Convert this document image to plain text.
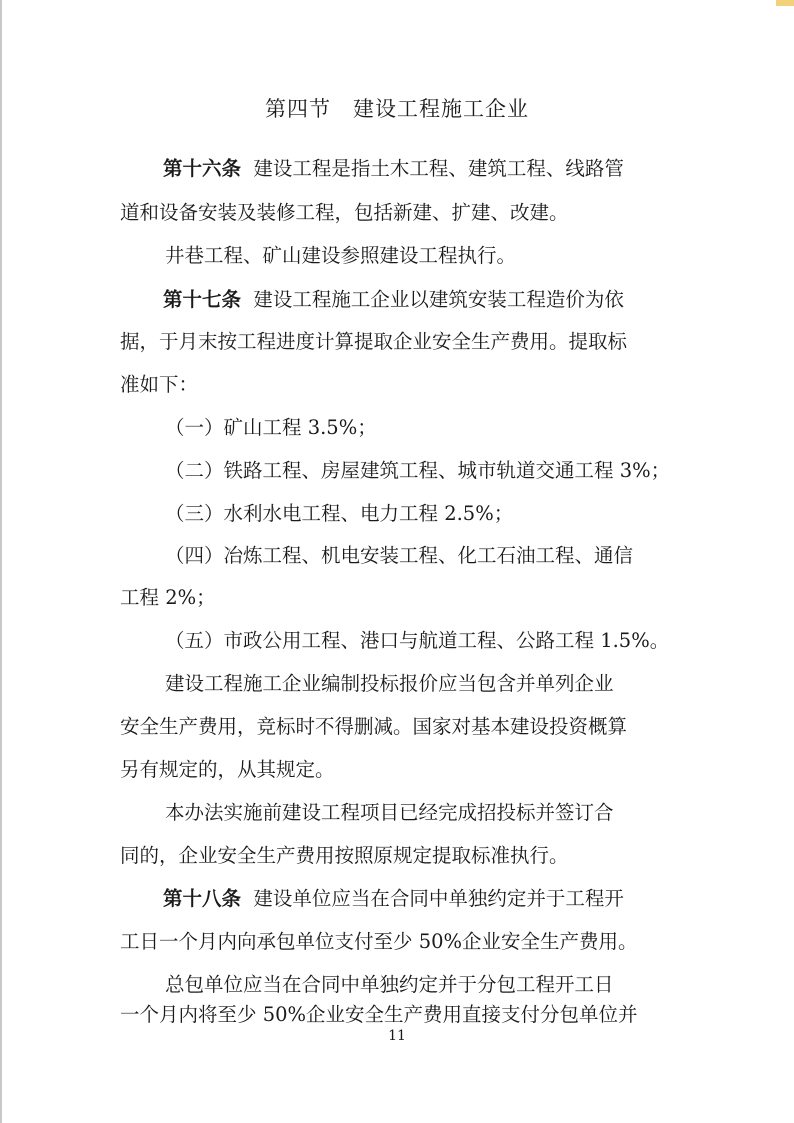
第四节 建设工程施工企业
第十六条 建设工程是指土木工程、建筑工程、线路管
道和设备安装及装修工程，包括新建、扩建、改建。
井巷工程、矿山建设参照建设工程执行。
第十七条 建设工程施工企业以建筑安装工程造价为依
据，于月末按工程进度计算提取企业安全生产费用。提取标
准如下：
（一）矿山工程 3.5%；
（二）铁路工程、房屋建筑工程、城市轨道交通工程 3%；
（三）水利水电工程、电力工程 2.5%；
（四）冶炼工程、机电安装工程、化工石油工程、通信
工程 2%；
（五）市政公用工程、港口与航道工程、公路工程 1.5%。
建设工程施工企业编制投标报价应当包含并单列企业
安全生产费用，竞标时不得删减。国家对基本建设投资概算
另有规定的，从其规定。
本办法实施前建设工程项目已经完成招投标并签订合
同的，企业安全生产费用按照原规定提取标准执行。
第十八条 建设单位应当在合同中单独约定并于工程开
工日一个月内向承包单位支付至少 50%企业安全生产费用。
总包单位应当在合同中单独约定并于分包工程开工日
一个月内将至少 50%企业安全生产费用直接支付分包单位并
11
